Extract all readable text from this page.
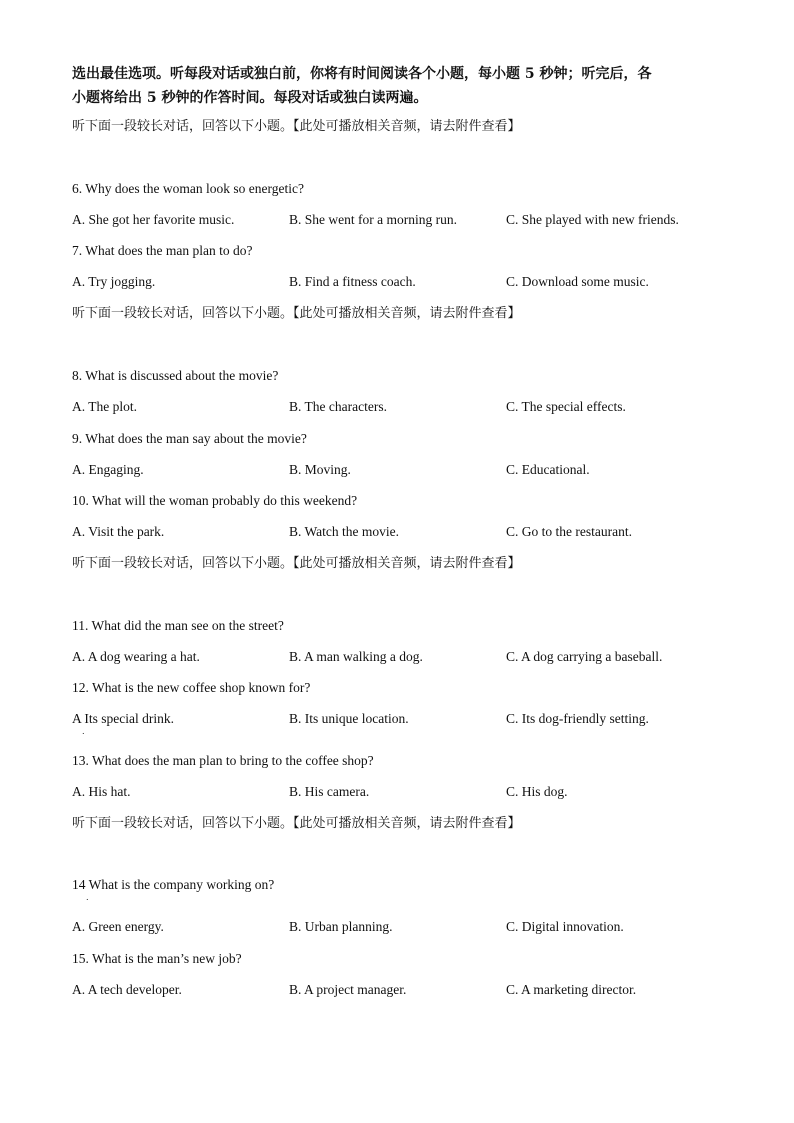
选出最佳选项。听每段对话或独白前，你将有时间阅读各个小题，每小题 5 秒钟；听完后，各
小题将给出 5 秒钟的作答时间。每段对话或独白读两遍。
听下面一段较长对话，回答以下小题。【此处可播放相关音频，请去附件查看】
6. Why does the woman look so energetic?
A. She got her favorite music.	B. She went for a morning run.	C. She played with new friends.
7. What does the man plan to do?
A. Try jogging.	B. Find a fitness coach.	C. Download some music.
听下面一段较长对话，回答以下小题。【此处可播放相关音频，请去附件查看】
8. What is discussed about the movie?
A. The plot.	B. The characters.	C. The special effects.
9. What does the man say about the movie?
A. Engaging.	B. Moving.	C. Educational.
10. What will the woman probably do this weekend?
A. Visit the park.	B. Watch the movie.	C. Go to the restaurant.
听下面一段较长对话，回答以下小题。【此处可播放相关音频，请去附件查看】
11. What did the man see on the street?
A. A dog wearing a hat.	B. A man walking a dog.	C. A dog carrying a baseball.
12. What is the new coffee shop known for?
A Its special drink.
.
B. Its unique location.	C. Its dog-friendly setting.
13. What does the man plan to bring to the coffee shop?
A. His hat.	B. His camera.	C. His dog.
听下面一段较长对话，回答以下小题。【此处可播放相关音频，请去附件查看】
14 What is the company working on?
.
A. Green energy.	B. Urban planning.	C. Digital innovation.
15. What is the man’s new job?
A. A tech developer.	B. A project manager.	C. A marketing director.
